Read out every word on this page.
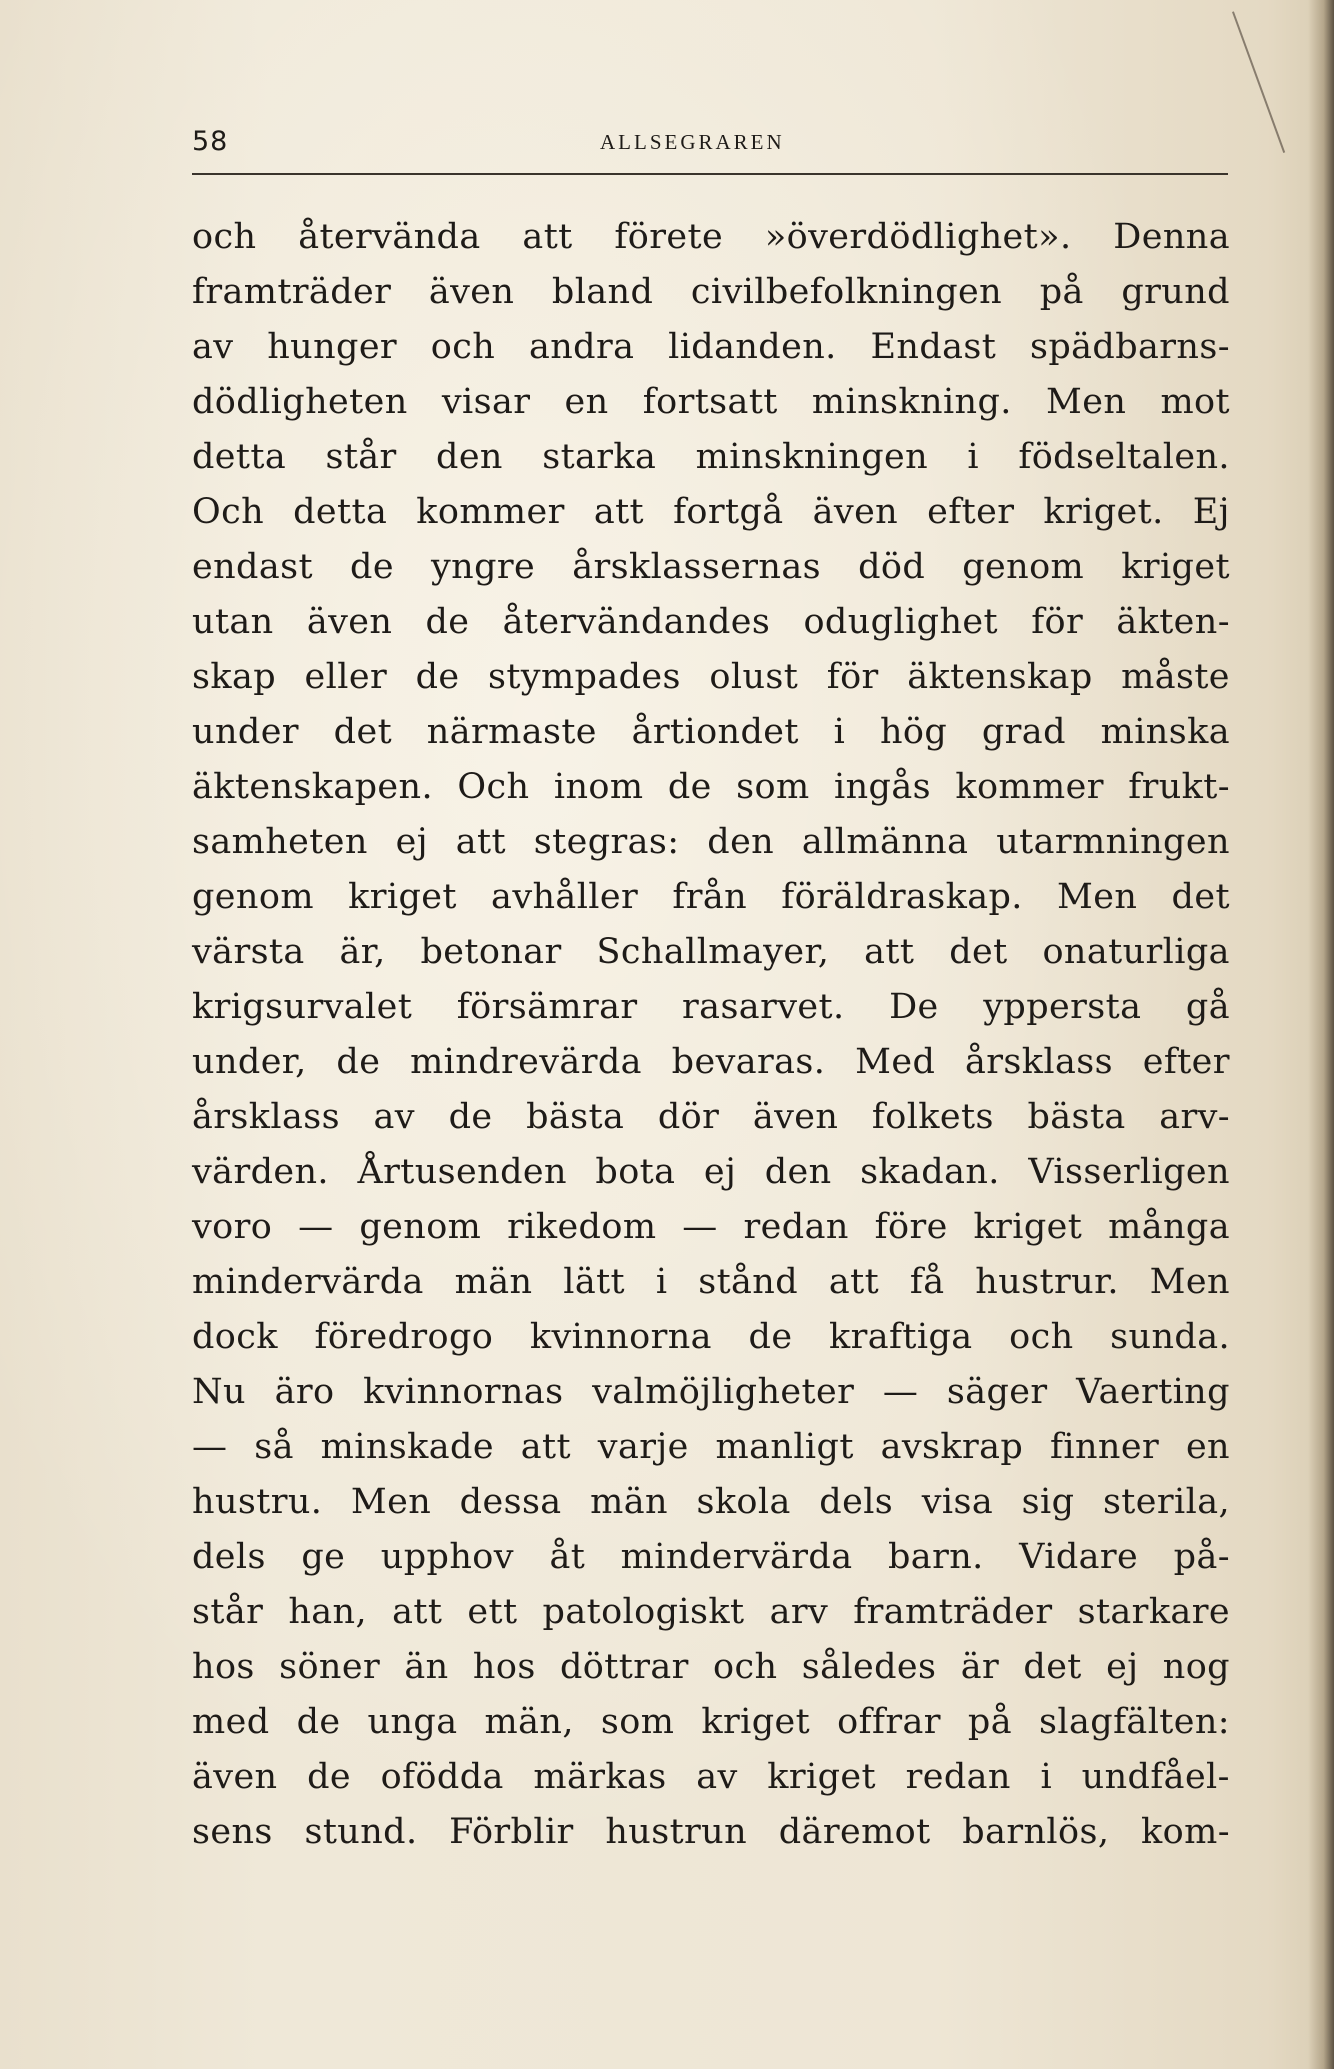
58	ALLSEGRAREN
och återvända att förete »överdödlighet». Denna
framträder även bland civilbefolkningen på grund
av hunger och andra lidanden. Endast spädbarns-
dödligheten visar en fortsatt minskning. Men mot
detta står den starka minskningen i födseltalen.
Och detta kommer att fortgå även efter kriget. Ej
endast de yngre årsklassernas död genom kriget
utan även de återvändandes oduglighet för äkten-
skap eller de stympades olust för äktenskap måste
under det närmaste årtiondet i hög grad minska
äktenskapen. Och inom de som ingås kommer frukt-
samheten ej att stegras: den allmänna utarmningen
genom kriget avhåller från föräldraskap. Men det
värsta är, betonar Schallmayer, att det onaturliga
krigsurvalet försämrar rasarvet. De yppersta gå
under, de mindrevärda bevaras. Med årsklass efter
årsklass av de bästa dör även folkets bästa arv-
värden. Årtusenden bota ej den skadan. Visserligen
voro — genom rikedom — redan före kriget många
mindervärda män lätt i stånd att få hustrur. Men
dock föredrogo kvinnorna de kraftiga och sunda.
Nu äro kvinnornas valmöjligheter — säger Vaerting
— så minskade att varje manligt avskrap finner en
hustru. Men dessa män skola dels visa sig sterila,
dels ge upphov åt mindervärda barn. Vidare på-
står han, att ett patologiskt arv framträder starkare
hos söner än hos döttrar och således är det ej nog
med de unga män, som kriget offrar på slagfälten:
även de ofödda märkas av kriget redan i undfåel-
sens stund. Förblir hustrun däremot barnlös, kom-
